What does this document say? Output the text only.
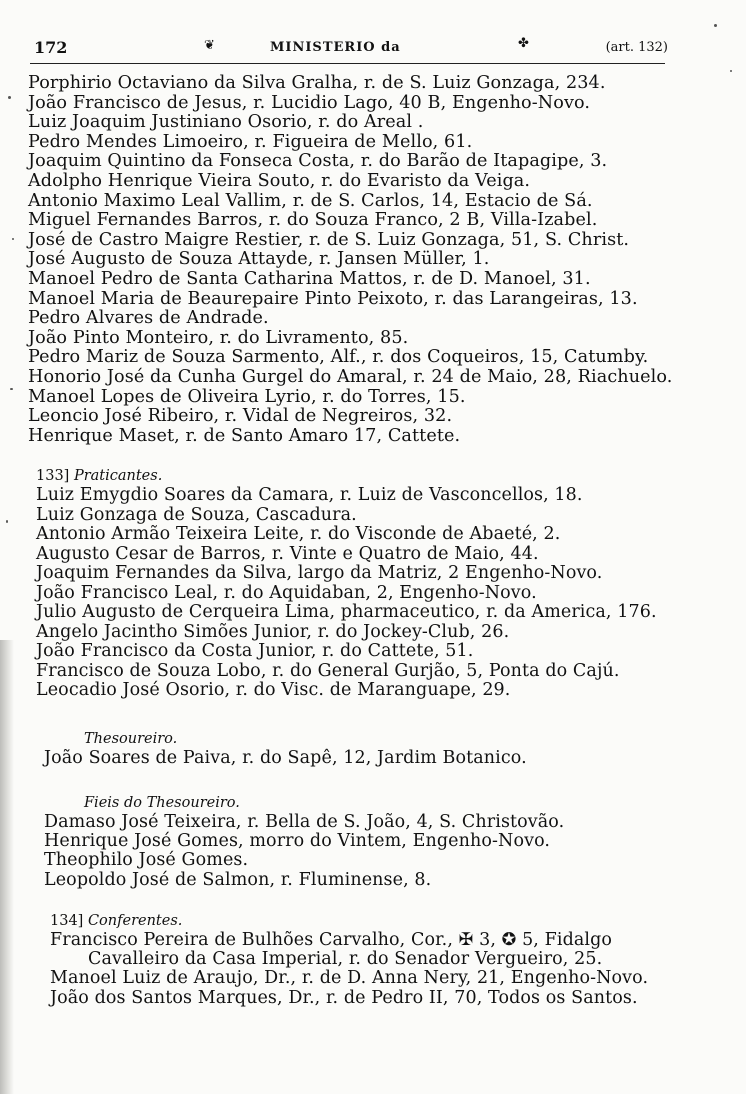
172	❦	MINISTERIO da	✤	(art. 132)
Porphirio Octaviano da Silva Gralha, r. de S. Luiz Gonzaga, 234.
João Francisco de Jesus, r. Lucidio Lago, 40 B, Engenho-Novo.
Luiz Joaquim Justiniano Osorio, r. do Areal .
Pedro Mendes Limoeiro, r. Figueira de Mello, 61.
Joaquim Quintino da Fonseca Costa, r. do Barão de Itapagipe, 3.
Adolpho Henrique Vieira Souto, r. do Evaristo da Veiga.
Antonio Maximo Leal Vallim, r. de S. Carlos, 14, Estacio de Sá.
Miguel Fernandes Barros, r. do Souza Franco, 2 B, Villa-Izabel.
José de Castro Maigre Restier, r. de S. Luiz Gonzaga, 51, S. Christ.
José Augusto de Souza Attayde, r. Jansen Müller, 1.
Manoel Pedro de Santa Catharina Mattos, r. de D. Manoel, 31.
Manoel Maria de Beaurepaire Pinto Peixoto, r. das Larangeiras, 13.
Pedro Alvares de Andrade.
João Pinto Monteiro, r. do Livramento, 85.
Pedro Mariz de Souza Sarmento, Alf., r. dos Coqueiros, 15, Catumby.
Honorio José da Cunha Gurgel do Amaral, r. 24 de Maio, 28, Riachuelo.
Manoel Lopes de Oliveira Lyrio, r. do Torres, 15.
Leoncio José Ribeiro, r. Vidal de Negreiros, 32.
Henrique Maset, r. de Santo Amaro 17, Cattete.
133] Praticantes.
Luiz Emygdio Soares da Camara, r. Luiz de Vasconcellos, 18.
Luiz Gonzaga de Souza, Cascadura.
Antonio Armão Teixeira Leite, r. do Visconde de Abaeté, 2.
Augusto Cesar de Barros, r. Vinte e Quatro de Maio, 44.
Joaquim Fernandes da Silva, largo da Matriz, 2 Engenho-Novo.
João Francisco Leal, r. do Aquidaban, 2, Engenho-Novo.
Julio Augusto de Cerqueira Lima, pharmaceutico, r. da America, 176.
Angelo Jacintho Simões Junior, r. do Jockey-Club, 26.
João Francisco da Costa Junior, r. do Cattete, 51.
Francisco de Souza Lobo, r. do General Gurjão, 5, Ponta do Cajú.
Leocadio José Osorio, r. do Visc. de Maranguape, 29.
Thesoureiro.
João Soares de Paiva, r. do Sapê, 12, Jardim Botanico.
Fieis do Thesoureiro.
Damaso José Teixeira, r. Bella de S. João, 4, S. Christovão.
Henrique José Gomes, morro do Vintem, Engenho-Novo.
Theophilo José Gomes.
Leopoldo José de Salmon, r. Fluminense, 8.
134] Conferentes.
Francisco Pereira de Bulhões Carvalho, Cor., ✠ 3, ✪ 5, Fidalgo
Cavalleiro da Casa Imperial, r. do Senador Vergueiro, 25.
Manoel Luiz de Araujo, Dr., r. de D. Anna Nery, 21, Engenho-Novo.
João dos Santos Marques, Dr., r. de Pedro II, 70, Todos os Santos.
